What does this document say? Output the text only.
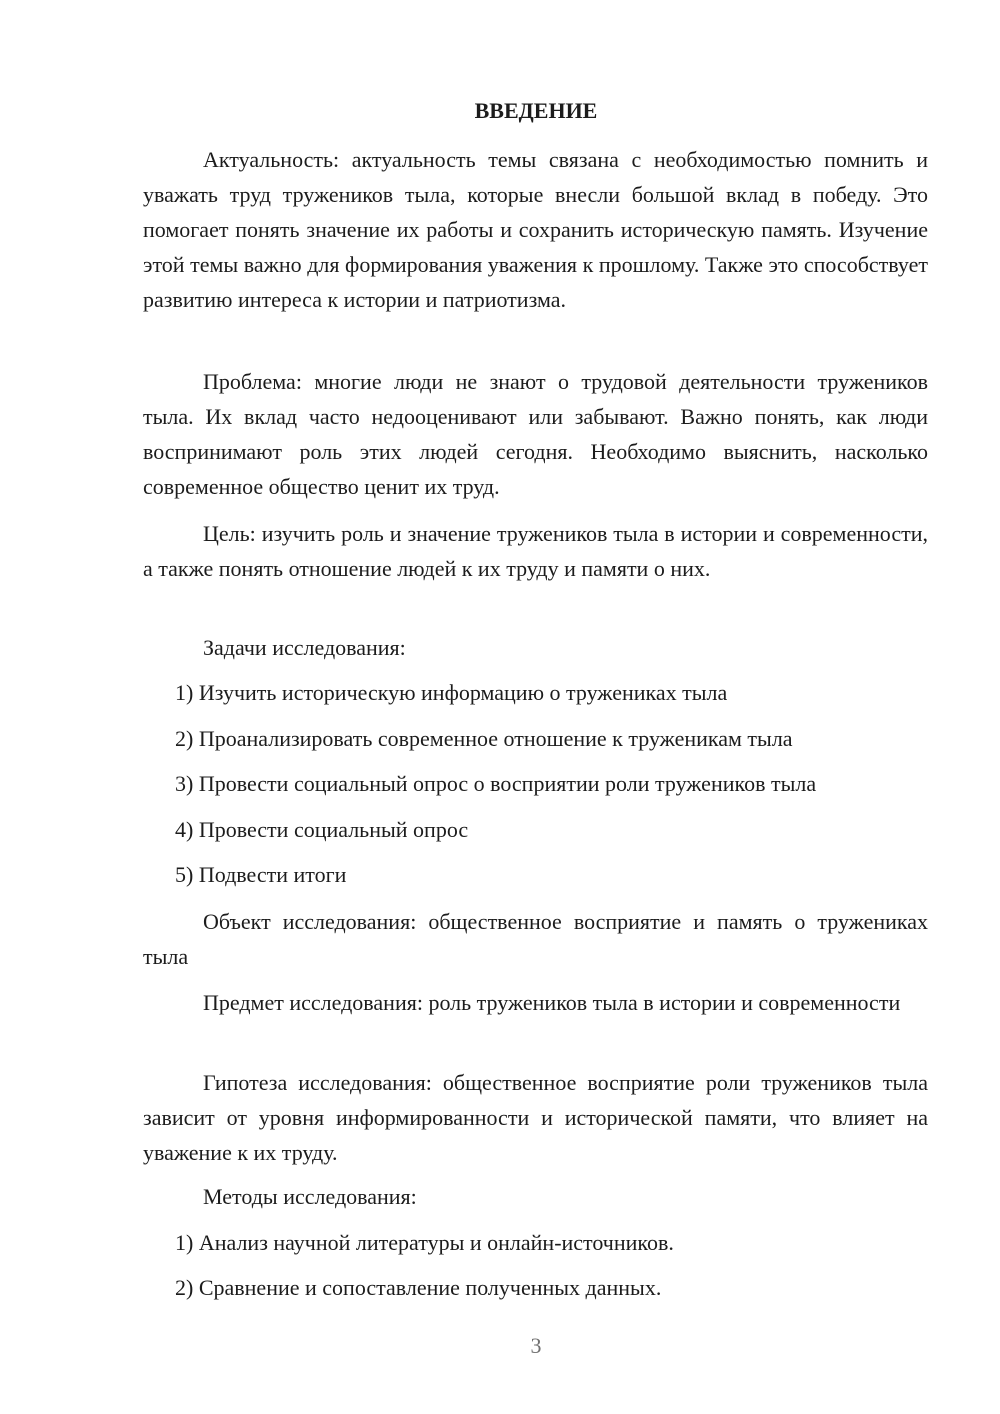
ВВЕДЕНИЕ

Актуальность: актуальность темы связана с необходимостью помнить и уважать труд тружеников тыла, которые внесли большой вклад в победу. Это помогает понять значение их работы и сохранить историческую память. Изучение этой темы важно для формирования уважения к прошлому. Также это способствует развитию интереса к истории и патриотизма.

Проблема: многие люди не знают о трудовой деятельности тружеников тыла. Их вклад часто недооценивают или забывают. Важно понять, как люди воспринимают роль этих людей сегодня. Необходимо выяснить, насколько современное общество ценит их труд.

Цель: изучить роль и значение тружеников тыла в истории и современности, а также понять отношение людей к их труду и памяти о них.

Задачи исследования:
1) Изучить историческую информацию о тружениках тыла
2) Проанализировать современное отношение к труженикам тыла
3) Провести социальный опрос о восприятии роли тружеников тыла
4) Провести социальный опрос
5) Подвести итоги

Объект исследования: общественное восприятие и память о тружениках тыла

Предмет исследования: роль тружеников тыла в истории и современности

Гипотеза исследования: общественное восприятие роли тружеников тыла зависит от уровня информированности и исторической памяти, что влияет на уважение к их труду.

Методы исследования:
1) Анализ научной литературы и онлайн-источников.
2) Сравнение и сопоставление полученных данных.
3
